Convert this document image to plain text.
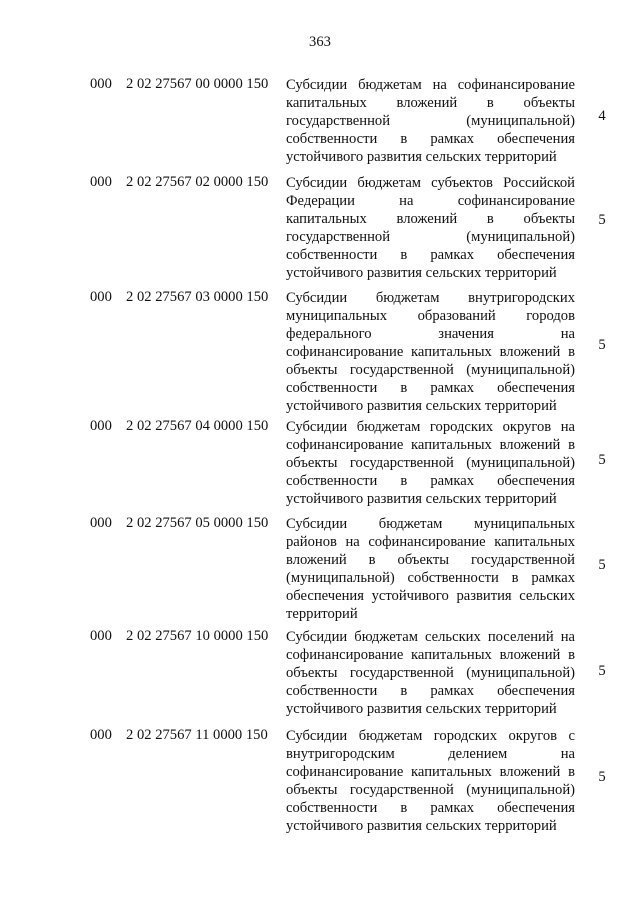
363
000 2 02 27567 00 0000 150	Субсидии бюджетам на софинансирование
капитальных вложений в объекты
государственной (муниципальной)
собственности в рамках обеспечения
устойчивого развития сельских территорий
4
000 2 02 27567 02 0000 150	Субсидии бюджетам субъектов Российской
Федерации на софинансирование
капитальных вложений в объекты
государственной (муниципальной)
собственности в рамках обеспечения
устойчивого развития сельских территорий
5
000 2 02 27567 03 0000 150	Субсидии бюджетам внутригородских
муниципальных образований городов
федерального значения на
софинансирование капитальных вложений в
объекты государственной (муниципальной)
собственности в рамках обеспечения
устойчивого развития сельских территорий
5
000 2 02 27567 04 0000 150	Субсидии бюджетам городских округов на
софинансирование капитальных вложений в
объекты государственной (муниципальной)
собственности в рамках обеспечения
устойчивого развития сельских территорий
5
000 2 02 27567 05 0000 150	Субсидии бюджетам муниципальных
районов на софинансирование капитальных
вложений в объекты государственной
(муниципальной) собственности в рамках
обеспечения устойчивого развития сельских
территорий
5
000 2 02 27567 10 0000 150	Субсидии бюджетам сельских поселений на
софинансирование капитальных вложений в
объекты государственной (муниципальной)
собственности в рамках обеспечения
устойчивого развития сельских территорий
5
000 2 02 27567 11 0000 150	Субсидии бюджетам городских округов с
внутригородским делением на
софинансирование капитальных вложений в
объекты государственной (муниципальной)
собственности в рамках обеспечения
устойчивого развития сельских территорий
5
